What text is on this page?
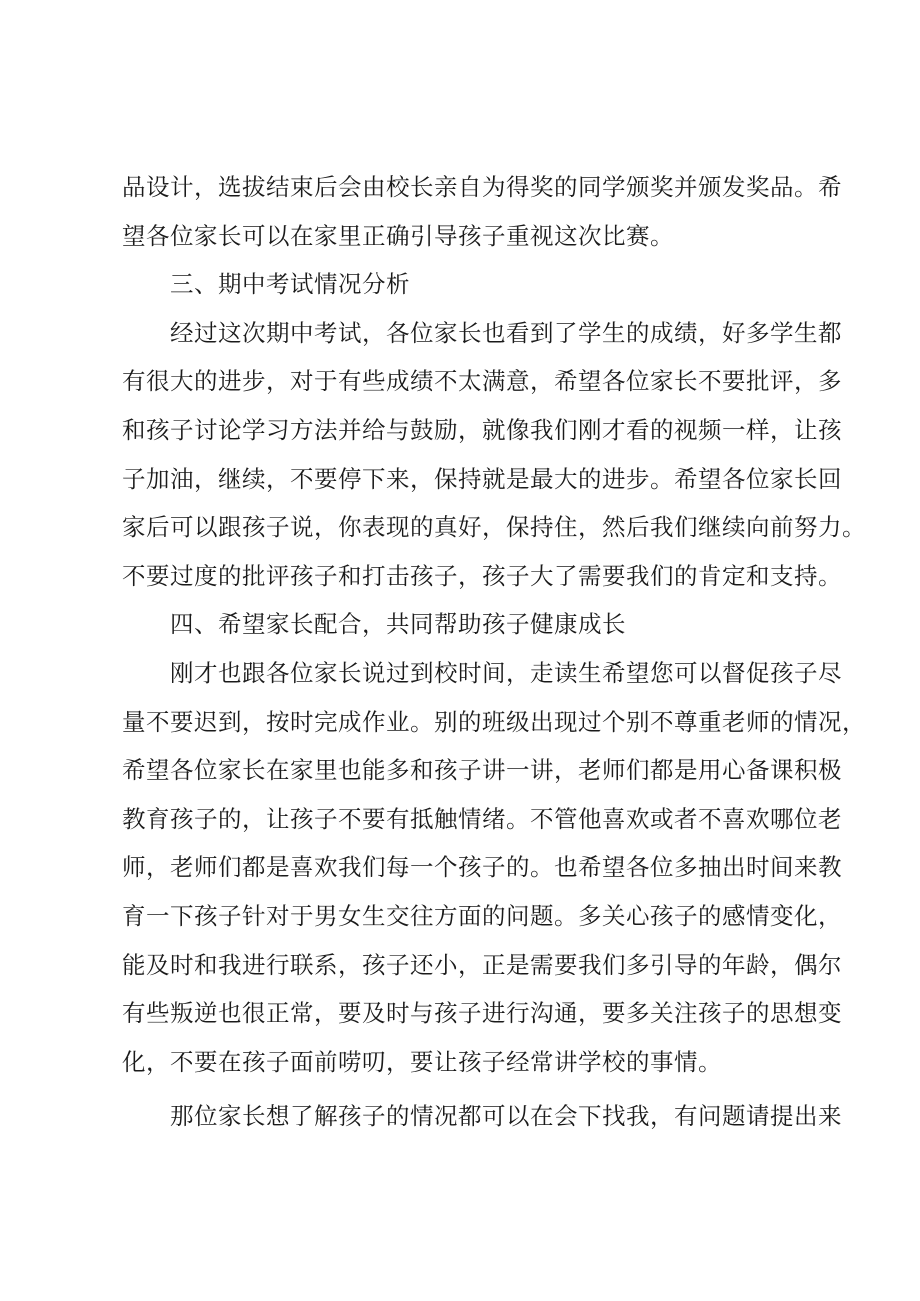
品设计，选拔结束后会由校长亲自为得奖的同学颁奖并颁发奖品。希
望各位家长可以在家里正确引导孩子重视这次比赛。
三、期中考试情况分析
经过这次期中考试，各位家长也看到了学生的成绩，好多学生都
有很大的进步，对于有些成绩不太满意，希望各位家长不要批评，多
和孩子讨论学习方法并给与鼓励，就像我们刚才看的视频一样，让孩
子加油，继续，不要停下来，保持就是最大的进步。希望各位家长回
家后可以跟孩子说，你表现的真好，保持住，然后我们继续向前努力。
不要过度的批评孩子和打击孩子，孩子大了需要我们的肯定和支持。
四、希望家长配合，共同帮助孩子健康成长
刚才也跟各位家长说过到校时间，走读生希望您可以督促孩子尽
量不要迟到，按时完成作业。别的班级出现过个别不尊重老师的情况，
希望各位家长在家里也能多和孩子讲一讲，老师们都是用心备课积极
教育孩子的，让孩子不要有抵触情绪。不管他喜欢或者不喜欢哪位老
师，老师们都是喜欢我们每一个孩子的。也希望各位多抽出时间来教
育一下孩子针对于男女生交往方面的问题。多关心孩子的感情变化，
能及时和我进行联系，孩子还小，正是需要我们多引导的年龄，偶尔
有些叛逆也很正常，要及时与孩子进行沟通，要多关注孩子的思想变
化，不要在孩子面前唠叨，要让孩子经常讲学校的事情。
那位家长想了解孩子的情况都可以在会下找我，有问题请提出来
